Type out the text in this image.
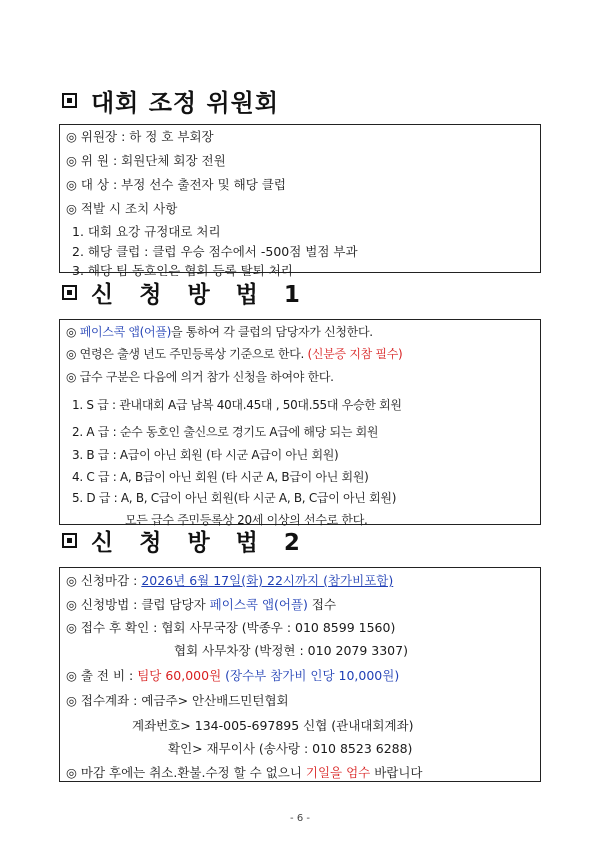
대회 조정 위원회
◎ 위원장 : 하 정 호 부회장
◎ 위 원 : 회원단체 회장 전원
◎ 대 상 : 부정 선수 출전자 및 해당 클럽
◎ 적발 시 조치 사항
1. 대회 요강 규정대로 처리
2. 해당 클럽 : 클럽 우승 점수에서 -500점 벌점 부과
3. 해당 팀 동호인은 협회 등록 탈퇴 처리
신 청 방 법 1
◎ 페이스콕 앱(어플)을 통하여 각 클럽의 담당자가 신청한다.
◎ 연령은 출생 년도 주민등록상 기준으로 한다. (신분증 지참 필수)
◎ 급수 구분은 다음에 의거 참가 신청을 하여야 한다.
1. S 급 : 관내대회 A급 남복 40대.45대 , 50대.55대 우승한 회원
2. A 급 : 순수 동호인 출신으로 경기도 A급에 해당 되는 회원
3. B 급 : A급이 아닌 회원 (타 시군 A급이 아닌 회원)
4. C 급 : A, B급이 아닌 회원 (타 시군 A, B급이 아닌 회원)
5. D 급 : A, B, C급이 아닌 회원(타 시군 A, B, C급이 아닌 회원)
모든 급수 주민등록상 20세 이상의 선수로 한다.
신 청 방 법 2
◎ 신청마감 : 2026년 6월 17일(화) 22시까지 (참가비포함)
◎ 신청방법 : 클럽 담당자 페이스콕 앱(어플) 접수
◎ 접수 후 확인 : 협회 사무국장 (박종우 : 010 8599 1560)
협회 사무차장 (박정현 : 010 2079 3307)
◎ 출 전 비 : 팀당 60,000원 (장수부 참가비 인당 10,000원)
◎ 접수계좌 : 예금주> 안산배드민턴협회
계좌번호> 134-005-697895 신협 (관내대회계좌)
확인> 재무이사 (송사랑 : 010 8523 6288)
◎ 마감 후에는 취소.환불.수정 할 수 없으니 기일을 엄수 바랍니다
- 6 -
